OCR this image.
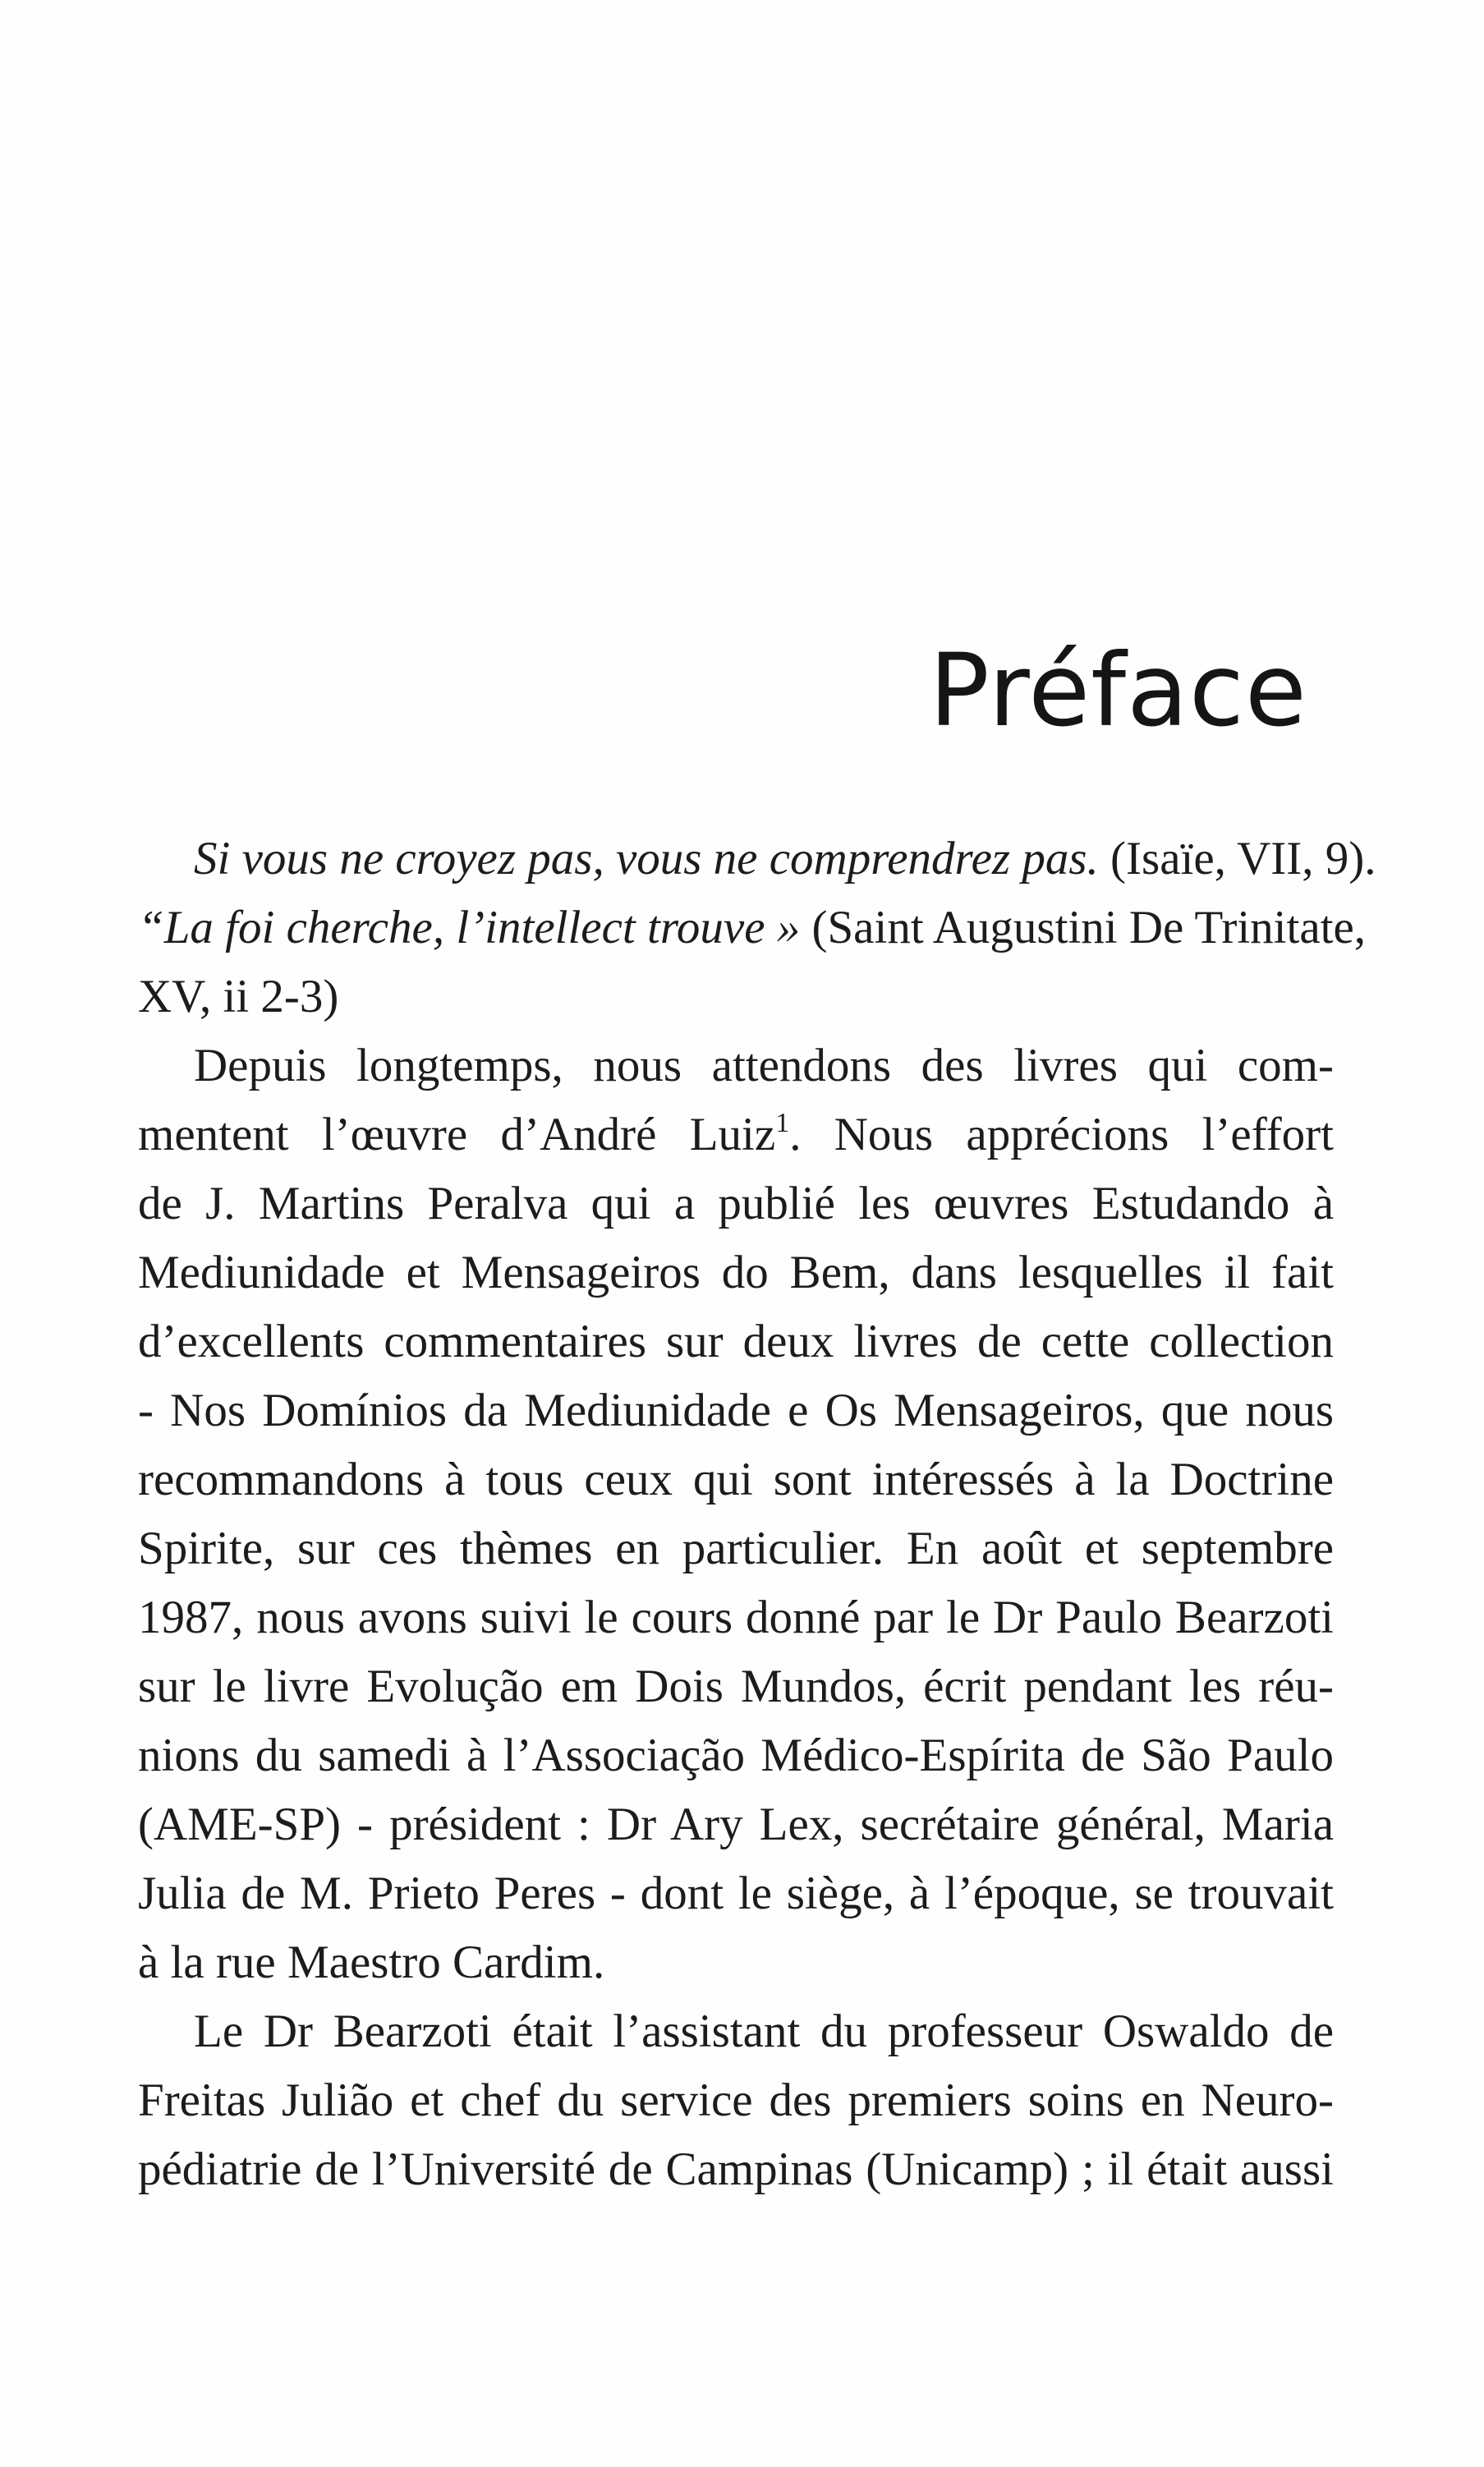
Préface
Si vous ne croyez pas, vous ne comprendrez pas. (Isaïe, VII, 9).
“La foi cherche, l’intellect trouve » (Saint Augustini De Trinitate,
XV, ii 2-3)
Depuis longtemps, nous attendons des livres qui com-
mentent l’œuvre d’André Luiz$^1$. Nous apprécions l’effort
de J. Martins Peralva qui a publié les œuvres Estudando à
Mediunidade et Mensageiros do Bem, dans lesquelles il fait
d’excellents commentaires sur deux livres de cette collection
- Nos Domínios da Mediunidade e Os Mensageiros, que nous
recommandons à tous ceux qui sont intéressés à la Doctrine
Spirite, sur ces thèmes en particulier. En août et septembre
1987, nous avons suivi le cours donné par le Dr Paulo Bearzoti
sur le livre Evolução em Dois Mundos, écrit pendant les réu-
nions du samedi à l’Associação Médico-Espírita de São Paulo
(AME-SP) - président : Dr Ary Lex, secrétaire général, Maria
Julia de M. Prieto Peres - dont le siège, à l’époque, se trouvait
à la rue Maestro Cardim.
Le Dr Bearzoti était l’assistant du professeur Oswaldo de
Freitas Julião et chef du service des premiers soins en Neuro-
pédiatrie de l’Université de Campinas (Unicamp) ; il était aussi
